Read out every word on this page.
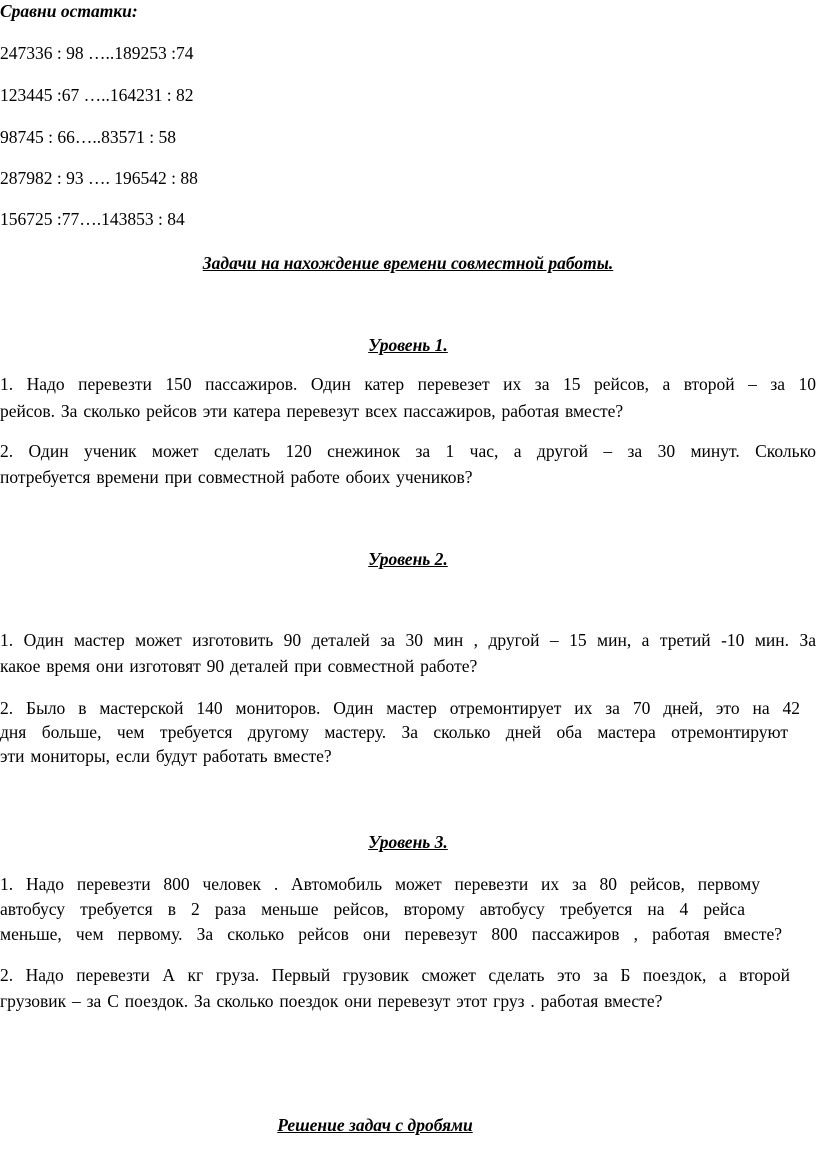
Сравни остатки:
247336 : 98 …..189253 :74
123445 :67 …..164231 : 82
98745 : 66…..83571 : 58
287982 : 93 …. 196542 : 88
156725 :77….143853 : 84
Задачи на нахождение времени совместной работы.
Уровень 1.
1. Надо перевезти 150 пассажиров. Один катер перевезет их за 15 рейсов, а второй – за 10
рейсов. За сколько рейсов эти катера перевезут всех пассажиров, работая вместе?
2. Один ученик может сделать 120 снежинок за 1 час, а другой – за 30 минут. Сколько
потребуется времени при совместной работе обоих учеников?
Уровень 2.
1. Один мастер может изготовить 90 деталей за 30 мин , другой – 15 мин, а третий -10 мин. За
какое время они изготовят 90 деталей при совместной работе?
2. Было в мастерской 140 мониторов. Один мастер отремонтирует их за 70 дней, это на 42
дня больше, чем требуется другому мастеру. За сколько дней оба мастера отремонтируют
эти мониторы, если будут работать вместе?
Уровень 3.
1. Надо перевезти 800 человек . Автомобиль может перевезти их за 80 рейсов, первому
автобусу требуется в 2 раза меньше рейсов, второму автобусу требуется на 4 рейса
меньше, чем первому. За сколько рейсов они перевезут 800 пассажиров , работая вместе?
2. Надо перевезти А кг груза. Первый грузовик сможет сделать это за Б поездок, а второй
грузовик – за С поездок. За сколько поездок они перевезут этот груз . работая вместе?
Решение задач с дробями
